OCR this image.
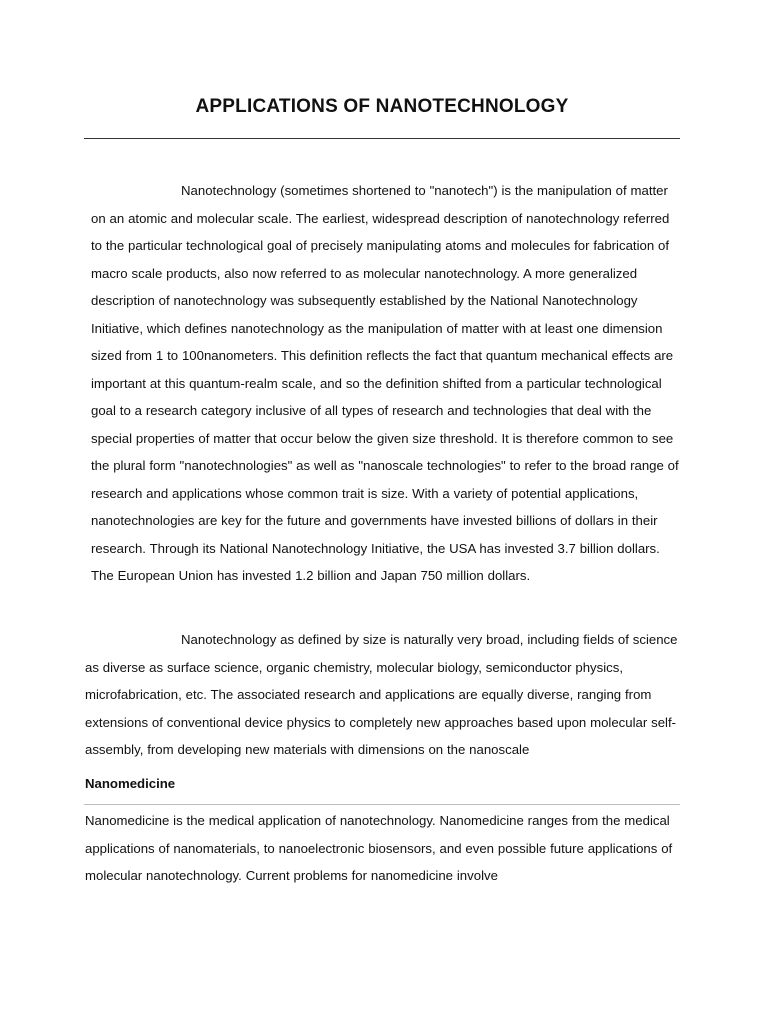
APPLICATIONS OF NANOTECHNOLOGY

Nanotechnology (sometimes shortened to "nanotech") is the manipulation of matter on an atomic and molecular scale. The earliest, widespread description of nanotechnology referred to the particular technological goal of precisely manipulating atoms and molecules for fabrication of macro scale products, also now referred to as molecular nanotechnology. A more generalized description of nanotechnology was subsequently established by the National Nanotechnology Initiative, which defines nanotechnology as the manipulation of matter with at least one dimension sized from 1 to 100nanometers. This definition reflects the fact that quantum mechanical effects are important at this quantum-realm scale, and so the definition shifted from a particular technological goal to a research category inclusive of all types of research and technologies that deal with the special properties of matter that occur below the given size threshold. It is therefore common to see the plural form "nanotechnologies" as well as "nanoscale technologies" to refer to the broad range of research and applications whose common trait is size. With a variety of potential applications, nanotechnologies are key for the future and governments have invested billions of dollars in their research. Through its National Nanotechnology Initiative, the USA has invested 3.7 billion dollars. The European Union has invested 1.2 billion and Japan 750 million dollars.

Nanotechnology as defined by size is naturally very broad, including fields of science as diverse as surface science, organic chemistry, molecular biology, semiconductor physics, microfabrication, etc. The associated research and applications are equally diverse, ranging from extensions of conventional device physics to completely new approaches based upon molecular self-assembly, from developing new materials with dimensions on the nanoscale

Nanomedicine

Nanomedicine is the medical application of nanotechnology. Nanomedicine ranges from the medical applications of nanomaterials, to nanoelectronic biosensors, and even possible future applications of molecular nanotechnology. Current problems for nanomedicine involve
